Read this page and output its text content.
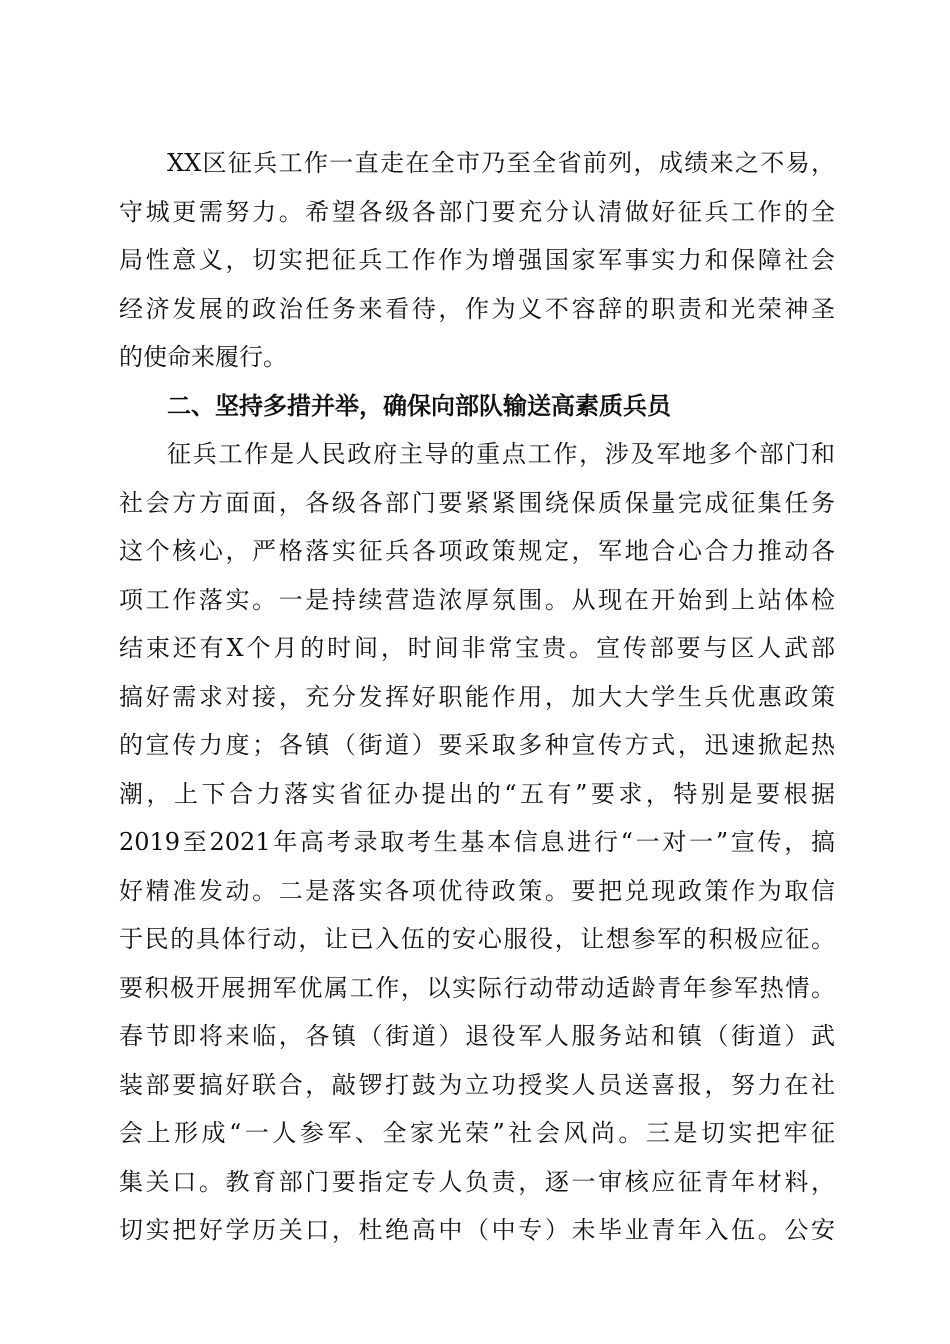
XX区征兵工作一直走在全市乃至全省前列，成绩来之不易，
守城更需努力。希望各级各部门要充分认清做好征兵工作的全
局性意义，切实把征兵工作作为增强国家军事实力和保障社会
经济发展的政治任务来看待，作为义不容辞的职责和光荣神圣
的使命来履行。
二、坚持多措并举，确保向部队输送高素质兵员
征兵工作是人民政府主导的重点工作，涉及军地多个部门和
社会方方面面，各级各部门要紧紧围绕保质保量完成征集任务
这个核心，严格落实征兵各项政策规定，军地合心合力推动各
项工作落实。一是持续营造浓厚氛围。从现在开始到上站体检
结束还有X个月的时间，时间非常宝贵。宣传部要与区人武部
搞好需求对接，充分发挥好职能作用，加大大学生兵优惠政策
的宣传力度；各镇（街道）要采取多种宣传方式，迅速掀起热
潮，上下合力落实省征办提出的“五有”要求，特别是要根据
2019至2021年高考录取考生基本信息进行“一对一”宣传，搞
好精准发动。二是落实各项优待政策。要把兑现政策作为取信
于民的具体行动，让已入伍的安心服役，让想参军的积极应征。
要积极开展拥军优属工作，以实际行动带动适龄青年参军热情。
春节即将来临，各镇（街道）退役军人服务站和镇（街道）武
装部要搞好联合，敲锣打鼓为立功授奖人员送喜报，努力在社
会上形成“一人参军、全家光荣”社会风尚。三是切实把牢征
集关口。教育部门要指定专人负责，逐一审核应征青年材料，
切实把好学历关口，杜绝高中（中专）未毕业青年入伍。公安
